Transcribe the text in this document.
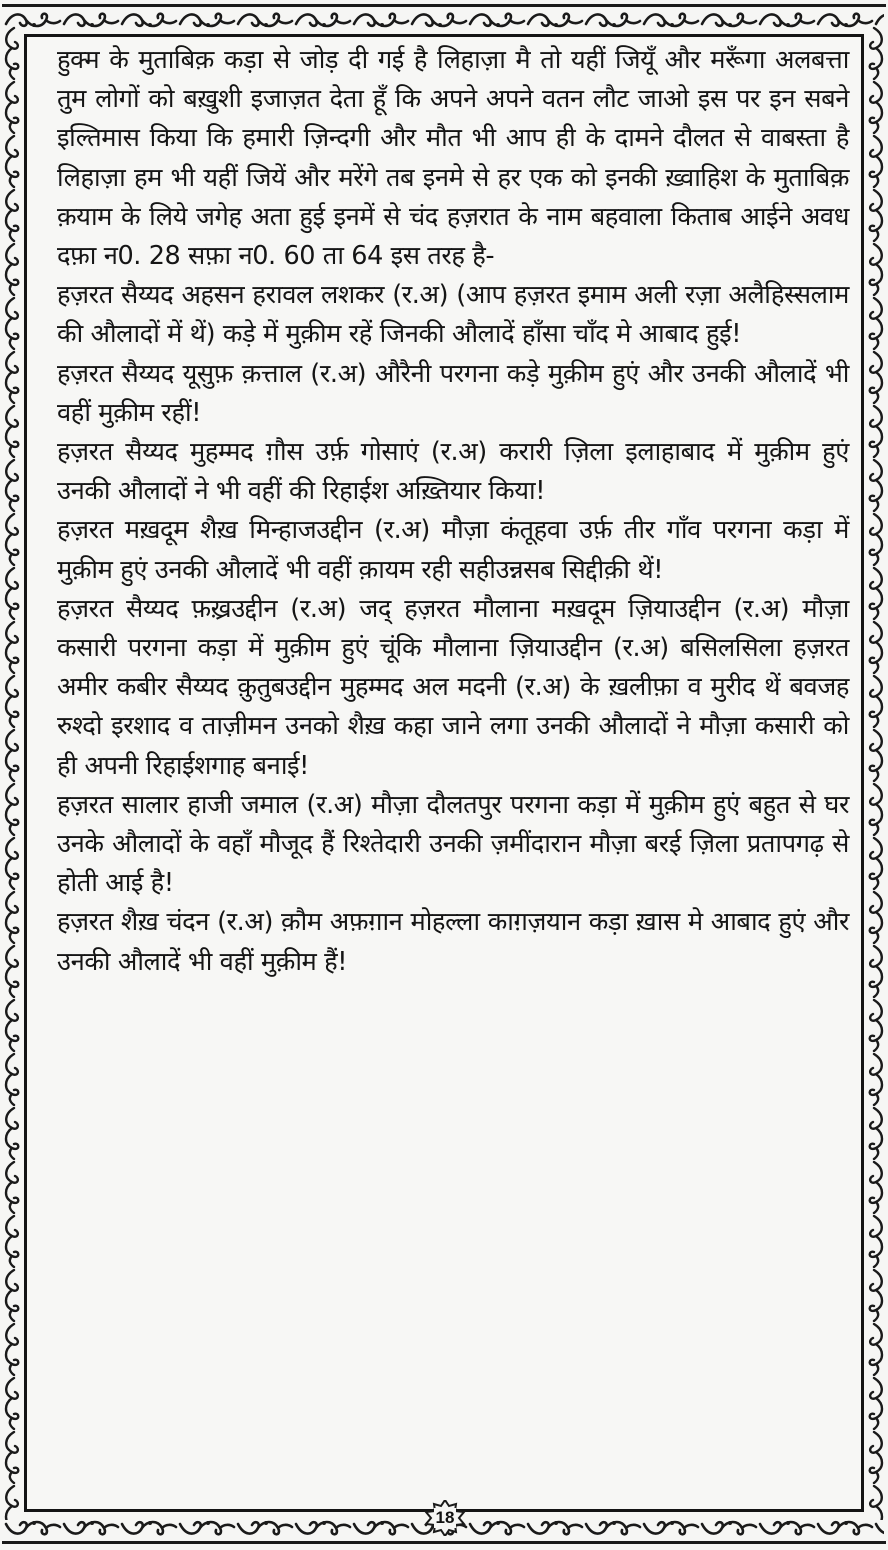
हुक्म के मुताबिक़ कड़ा से जोड़ दी गई है लिहाज़ा मै तो यहीं जियूँ और मरूँगा अलबत्ता तुम लोगों को बख़ुशी इजाज़त देता हूँ कि अपने अपने वतन लौट जाओ इस पर इन सबने इल्तिमास किया कि हमारी ज़िन्दगी और मौत भी आप ही के दामने दौलत से वाबस्ता है लिहाज़ा हम भी यहीं जियें और मरेंगे तब इनमे से हर एक को इनकी ख़्वाहिश के मुताबिक़ क़याम के लिये जगेह अता हुई इनमें से चंद हज़रात के नाम बहवाला किताब आईने अवध दफ़ा न0. 28 सफ़ा न0. 60 ता 64 इस तरह है-

हज़रत सैय्यद अहसन हरावल लशकर (र.अ) (आप हज़रत इमाम अली रज़ा अलैहिस्सलाम की औलादों में थें) कड़े में मुक़ीम रहें जिनकी औलादें हाँसा चाँद मे आबाद हुई!

हज़रत सैय्यद यूसुफ़ क़त्ताल (र.अ) औरैनी परगना कड़े मुक़ीम हुएं और उनकी औलादें भी वहीं मुक़ीम रहीं!

हज़रत सैय्यद मुहम्मद ग़ौस उर्फ़ गोसाएं (र.अ) करारी ज़िला इलाहाबाद में मुक़ीम हुएं उनकी औलादों ने भी वहीं की रिहाईश अख़्तियार किया!

हज़रत मख़दूम शैख़ मिन्हाजउद्दीन (र.अ) मौज़ा कंतूहवा उर्फ़ तीर गाँव परगना कड़ा में मुक़ीम हुएं उनकी औलादें भी वहीं क़ायम रही सहीउन्नसब सिद्दीक़ी थें!

हज़रत सैय्यद फ़ख़्रउद्दीन (र.अ) जद् हज़रत मौलाना मख़दूम ज़ियाउद्दीन (र.अ) मौज़ा कसारी परगना कड़ा में मुक़ीम हुएं चूंकि मौलाना ज़ियाउद्दीन (र.अ) बसिलसिला हज़रत अमीर कबीर सैय्यद क़ुतुबउद्दीन मुहम्मद अल मदनी (र.अ) के ख़लीफ़ा व मुरीद थें बवजह रुश्दो इरशाद व ताज़ीमन उनको शैख़ कहा जाने लगा उनकी औलादों ने मौज़ा कसारी को ही अपनी रिहाईशगाह बनाई!

हज़रत सालार हाजी जमाल (र.अ) मौज़ा दौलतपुर परगना कड़ा में मुक़ीम हुएं बहुत से घर उनके औलादों के वहाँ मौजूद हैं रिश्तेदारी उनकी ज़मींदारान मौज़ा बरई ज़िला प्रतापगढ़ से होती आई है!

हज़रत शैख़ चंदन (र.अ) क़ौम अफ़ग़ान मोहल्ला काग़ज़यान कड़ा ख़ास मे आबाद हुएं और उनकी औलादें भी वहीं मुक़ीम हैं!

18
